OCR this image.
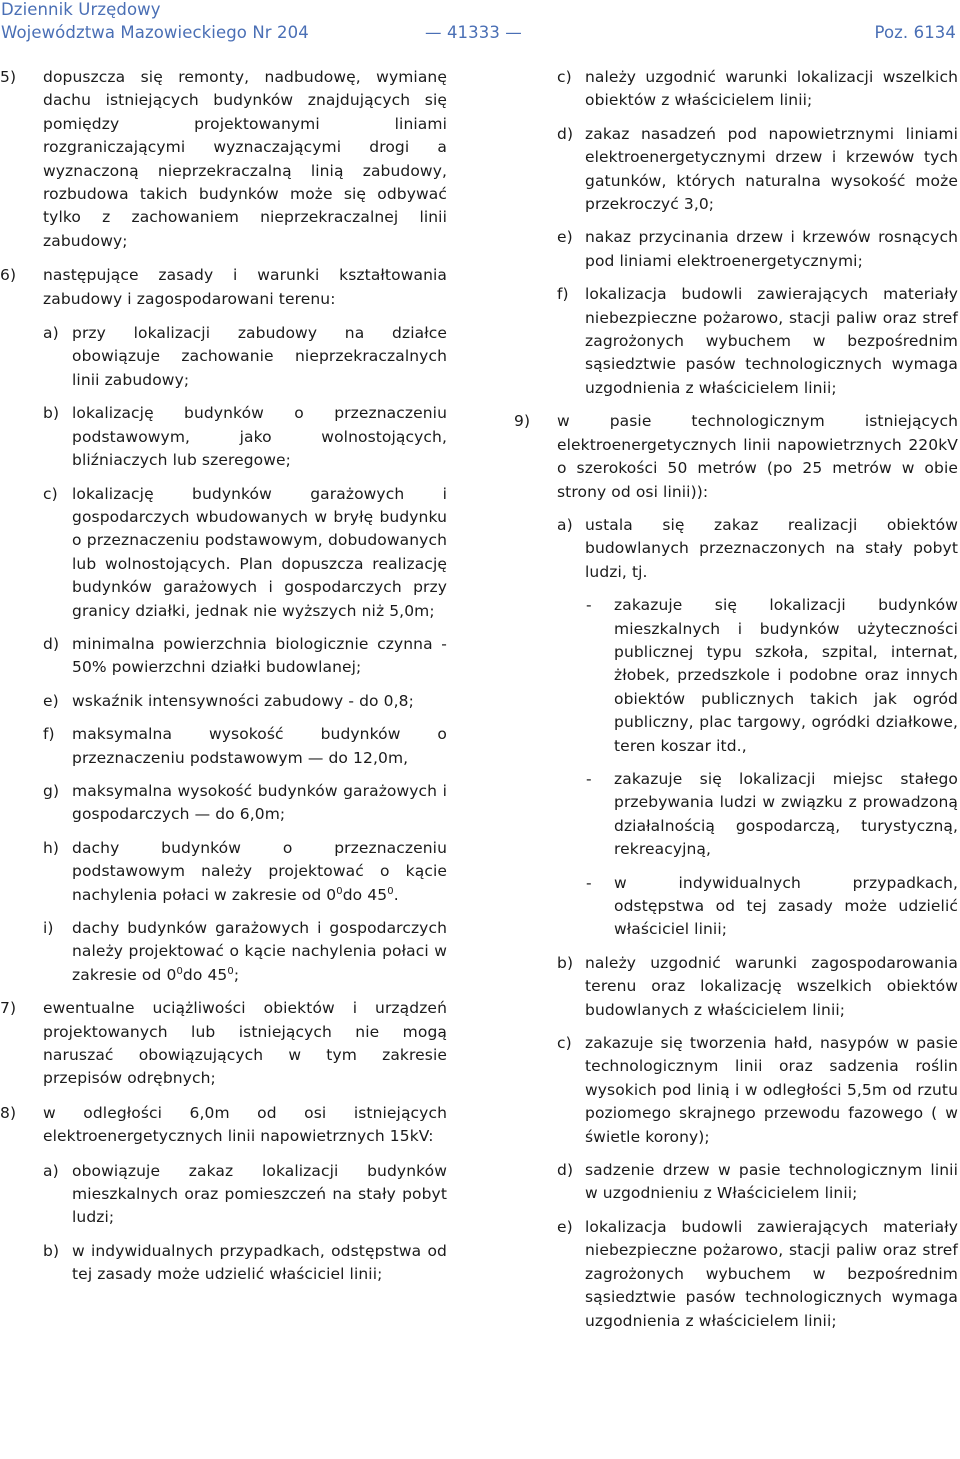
Dziennik Urzędowy
Województwa Mazowieckiego Nr 204	— 41333 —	Poz. 6134
5) dopuszcza się remonty, nadbudowę, wymianę dachu istniejących budynków znajdujących się pomiędzy projektowanymi liniami rozgraniczającymi wyznaczającymi drogi a wyznaczoną nieprzekraczalną linią zabudowy, rozbudowa takich budynków może się odbywać tylko z zachowaniem nieprzekraczalnej linii zabudowy;
6) następujące zasady i warunki kształtowania zabudowy i zagospodarowani terenu:
a) przy lokalizacji zabudowy na działce obowiązuje zachowanie nieprzekraczalnych linii zabudowy;
b) lokalizację budynków o przeznaczeniu podstawowym, jako wolnostojących, bliźniaczych lub szeregowe;
c) lokalizację budynków garażowych i gospodarczych wbudowanych w bryłę budynku o przeznaczeniu podstawowym, dobudowanych lub wolnostojących. Plan dopuszcza realizację budynków garażowych i gospodarczych przy granicy działki, jednak nie wyższych niż 5,0m;
d) minimalna powierzchnia biologicznie czynna - 50% powierzchni działki budowlanej;
e) wskaźnik intensywności zabudowy - do 0,8;
f) maksymalna wysokość budynków o przeznaczeniu podstawowym — do 12,0m,
g) maksymalna wysokość budynków garażowych i gospodarczych — do 6,0m;
h) dachy budynków o przeznaczeniu podstawowym należy projektować o kącie nachylenia połaci w zakresie od $0^0do$ $45^0$.
i) dachy budynków garażowych i gospodarczych należy projektować o kącie nachylenia połaci w zakresie od $0^0do$ $45^0$;
7) ewentualne uciążliwości obiektów i urządzeń projektowanych lub istniejących nie mogą naruszać obowiązujących w tym zakresie przepisów odrębnych;
8) w odległości 6,0m od osi istniejących elektroenergetycznych linii napowietrznych 15kV:
a) obowiązuje zakaz lokalizacji budynków mieszkalnych oraz pomieszczeń na stały pobyt ludzi;
b) w indywidualnych przypadkach, odstępstwa od tej zasady może udzielić właściciel linii;
c) należy uzgodnić warunki lokalizacji wszelkich obiektów z właścicielem linii;
d) zakaz nasadzeń pod napowietrznymi liniami elektroenergetycznymi drzew i krzewów tych gatunków, których naturalna wysokość może przekroczyć 3,0;
e) nakaz przycinania drzew i krzewów rosnących pod liniami elektroenergetycznymi;
f) lokalizacja budowli zawierających materiały niebezpieczne pożarowo, stacji paliw oraz stref zagrożonych wybuchem w bezpośrednim sąsiedztwie pasów technologicznych wymaga uzgodnienia z właścicielem linii;
9) w pasie technologicznym istniejących elektroenergetycznych linii napowietrznych 220kV o szerokości 50 metrów (po 25 metrów w obie strony od osi linii)):
a) ustala się zakaz realizacji obiektów budowlanych przeznaczonych na stały pobyt ludzi, tj.
- zakazuje się lokalizacji budynków mieszkalnych i budynków użyteczności publicznej typu szkoła, szpital, internat, żłobek, przedszkole i podobne oraz innych obiektów publicznych takich jak ogród publiczny, plac targowy, ogródki działkowe, teren koszar itd.,
- zakazuje się lokalizacji miejsc stałego przebywania ludzi w związku z prowadzoną działalnością gospodarczą, turystyczną, rekreacyjną,
- w indywidualnych przypadkach, odstępstwa od tej zasady może udzielić właściciel linii;
b) należy uzgodnić warunki zagospodarowania terenu oraz lokalizację wszelkich obiektów budowlanych z właścicielem linii;
c) zakazuje się tworzenia hałd, nasypów w pasie technologicznym linii oraz sadzenia roślin wysokich pod linią i w odległości 5,5m od rzutu poziomego skrajnego przewodu fazowego ( w świetle korony);
d) sadzenie drzew w pasie technologicznym linii w uzgodnieniu z Właścicielem linii;
e) lokalizacja budowli zawierających materiały niebezpieczne pożarowo, stacji paliw oraz stref zagrożonych wybuchem w bezpośrednim sąsiedztwie pasów technologicznych wymaga uzgodnienia z właścicielem linii;
